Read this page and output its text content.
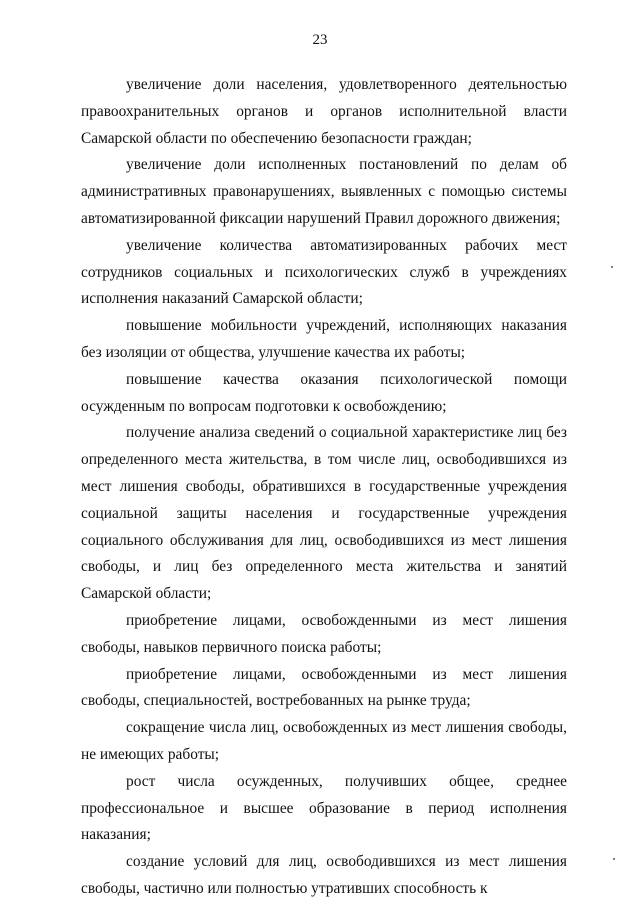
23

увеличение доли населения, удовлетворенного деятельностью правоохранительных органов и органов исполнительной власти Самарской области по обеспечению безопасности граждан;

увеличение доли исполненных постановлений по делам об административных правонарушениях, выявленных с помощью системы автоматизированной фиксации нарушений Правил дорожного движения;

увеличение количества автоматизированных рабочих мест сотрудников социальных и психологических служб в учреждениях исполнения наказаний Самарской области;

повышение мобильности учреждений, исполняющих наказания без изоляции от общества, улучшение качества их работы;

повышение качества оказания психологической помощи осужденным по вопросам подготовки к освобождению;

получение анализа сведений о социальной характеристике лиц без определенного места жительства, в том числе лиц, освободившихся из мест лишения свободы, обратившихся в государственные учреждения социальной защиты населения и государственные учреждения социального обслуживания для лиц, освободившихся из мест лишения свободы, и лиц без определенного места жительства и занятий Самарской области;

приобретение лицами, освобожденными из мест лишения свободы, навыков первичного поиска работы;

приобретение лицами, освобожденными из мест лишения свободы, специальностей, востребованных на рынке труда;

сокращение числа лиц, освобожденных из мест лишения свободы, не имеющих работы;

рост числа осужденных, получивших общее, среднее профессиональное и высшее образование в период исполнения наказания;

создание условий для лиц, освободившихся из мест лишения свободы, частично или полностью утративших способность к
